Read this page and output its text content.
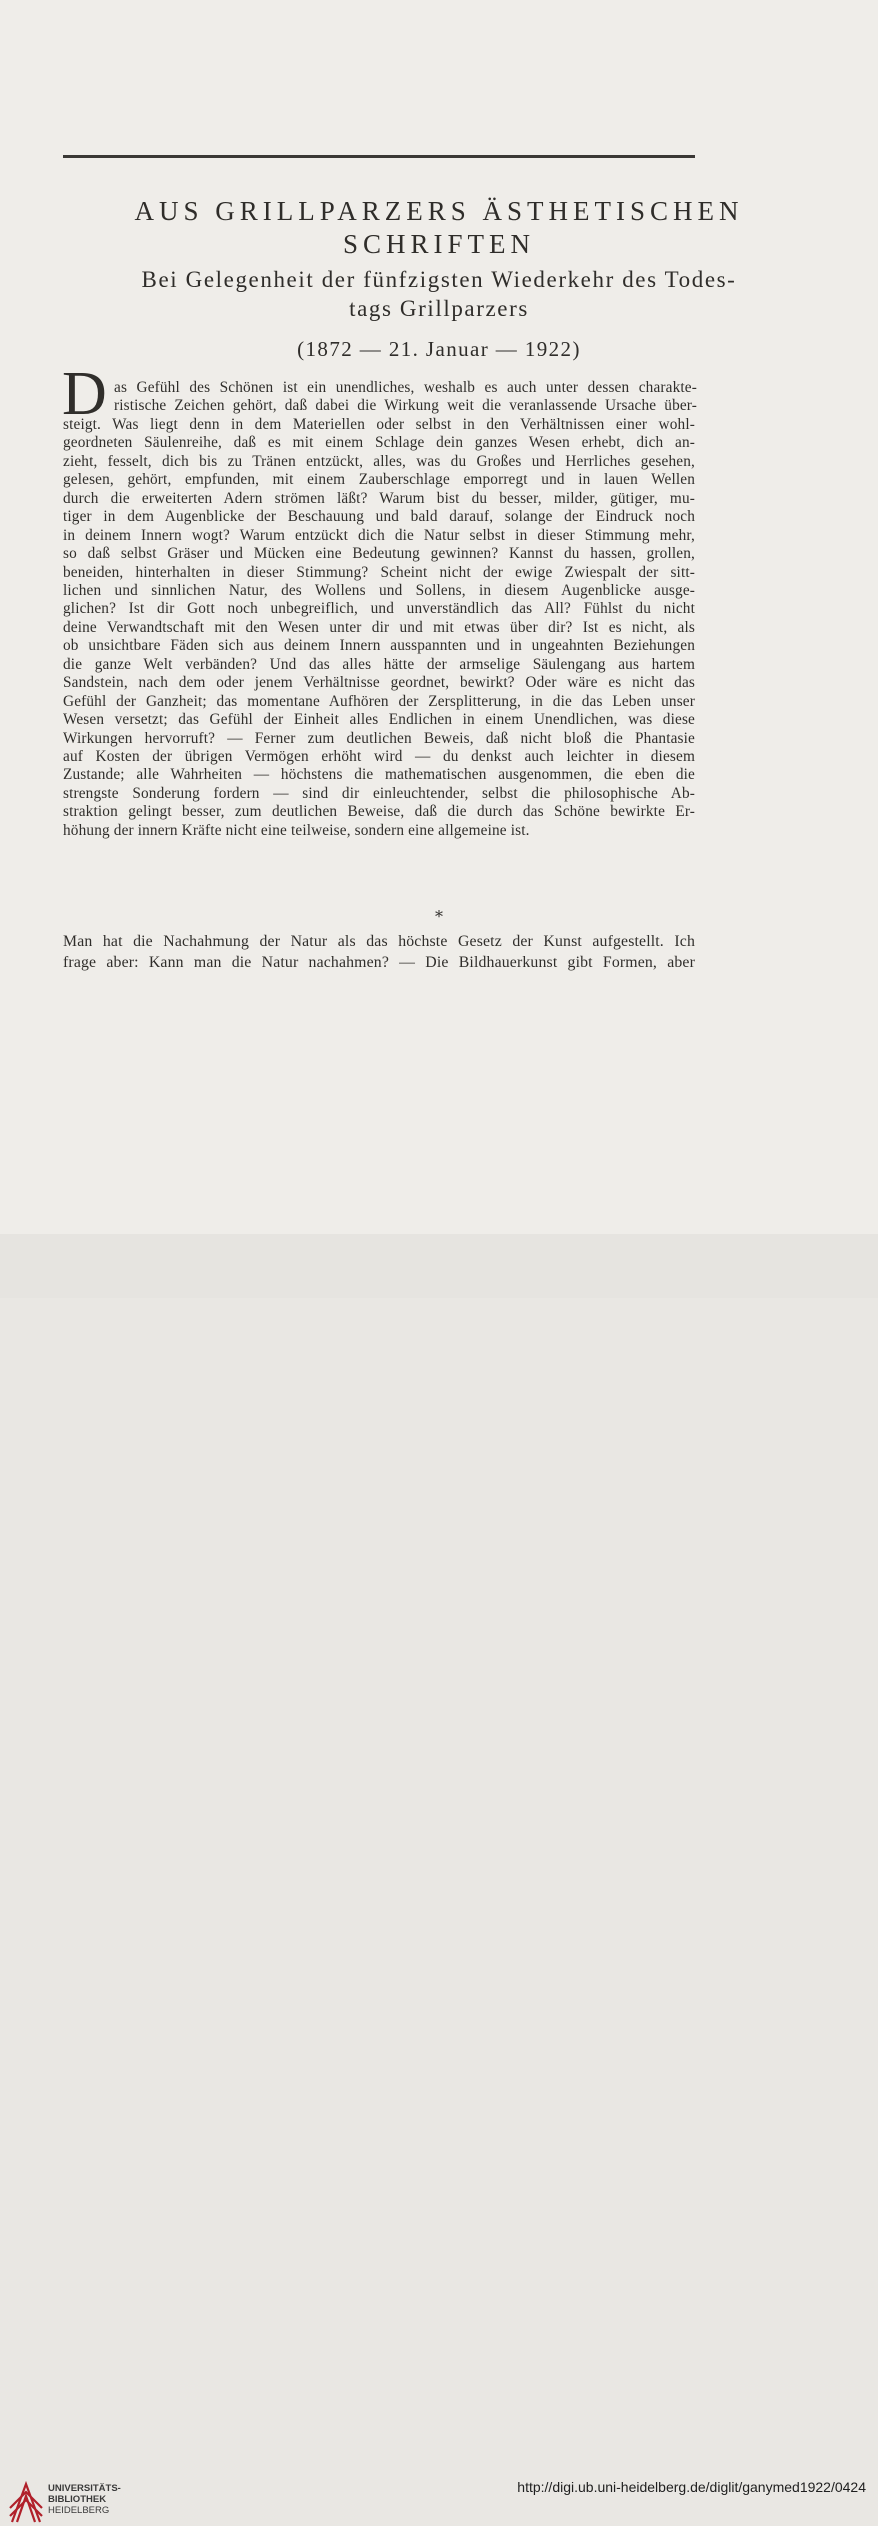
AUS GRILLPARZERS ÄSTHETISCHEN
SCHRIFTEN
Bei Gelegenheit der fünfzigsten Wiederkehr des Todes-
tags Grillparzers
(1872 — 21. Januar — 1922)
D as Gefühl des Schönen ist ein unendliches, weshalb es auch unter dessen charakte-
ristische Zeichen gehört, daß dabei die Wirkung weit die veranlassende Ursache über-
steigt. Was liegt denn in dem Materiellen oder selbst in den Verhältnissen einer wohl-
geordneten Säulenreihe, daß es mit einem Schlage dein ganzes Wesen erhebt, dich an-
zieht, fesselt, dich bis zu Tränen entzückt, alles, was du Großes und Herrliches gesehen,
gelesen, gehört, empfunden, mit einem Zauberschlage emporregt und in lauen Wellen
durch die erweiterten Adern strömen läßt? Warum bist du besser, milder, gütiger, mu-
tiger in dem Augenblicke der Beschauung und bald darauf, solange der Eindruck noch
in deinem Innern wogt? Warum entzückt dich die Natur selbst in dieser Stimmung mehr,
so daß selbst Gräser und Mücken eine Bedeutung gewinnen? Kannst du hassen, grollen,
beneiden, hinterhalten in dieser Stimmung? Scheint nicht der ewige Zwiespalt der sitt-
lichen und sinnlichen Natur, des Wollens und Sollens, in diesem Augenblicke ausge-
glichen? Ist dir Gott noch unbegreiflich, und unverständlich das All? Fühlst du nicht
deine Verwandtschaft mit den Wesen unter dir und mit etwas über dir? Ist es nicht, als
ob unsichtbare Fäden sich aus deinem Innern ausspannten und in ungeahnten Beziehungen
die ganze Welt verbänden? Und das alles hätte der armselige Säulengang aus hartem
Sandstein, nach dem oder jenem Verhältnisse geordnet, bewirkt? Oder wäre es nicht das
Gefühl der Ganzheit; das momentane Aufhören der Zersplitterung, in die das Leben unser
Wesen versetzt; das Gefühl der Einheit alles Endlichen in einem Unendlichen, was diese
Wirkungen hervorruft? — Ferner zum deutlichen Beweis, daß nicht bloß die Phantasie
auf Kosten der übrigen Vermögen erhöht wird — du denkst auch leichter in diesem
Zustande; alle Wahrheiten — höchstens die mathematischen ausgenommen, die eben die
strengste Sonderung fordern — sind dir einleuchtender, selbst die philosophische Ab-
straktion gelingt besser, zum deutlichen Beweise, daß die durch das Schöne bewirkte Er-
höhung der innern Kräfte nicht eine teilweise, sondern eine allgemeine ist.
*
Man hat die Nachahmung der Natur als das höchste Gesetz der Kunst aufgestellt. Ich
frage aber: Kann man die Natur nachahmen? — Die Bildhauerkunst gibt Formen, aber
UNIVERSITÄTS-
BIBLIOTHEK
HEIDELBERG
http://digi.ub.uni-heidelberg.de/diglit/ganymed1922/0424
